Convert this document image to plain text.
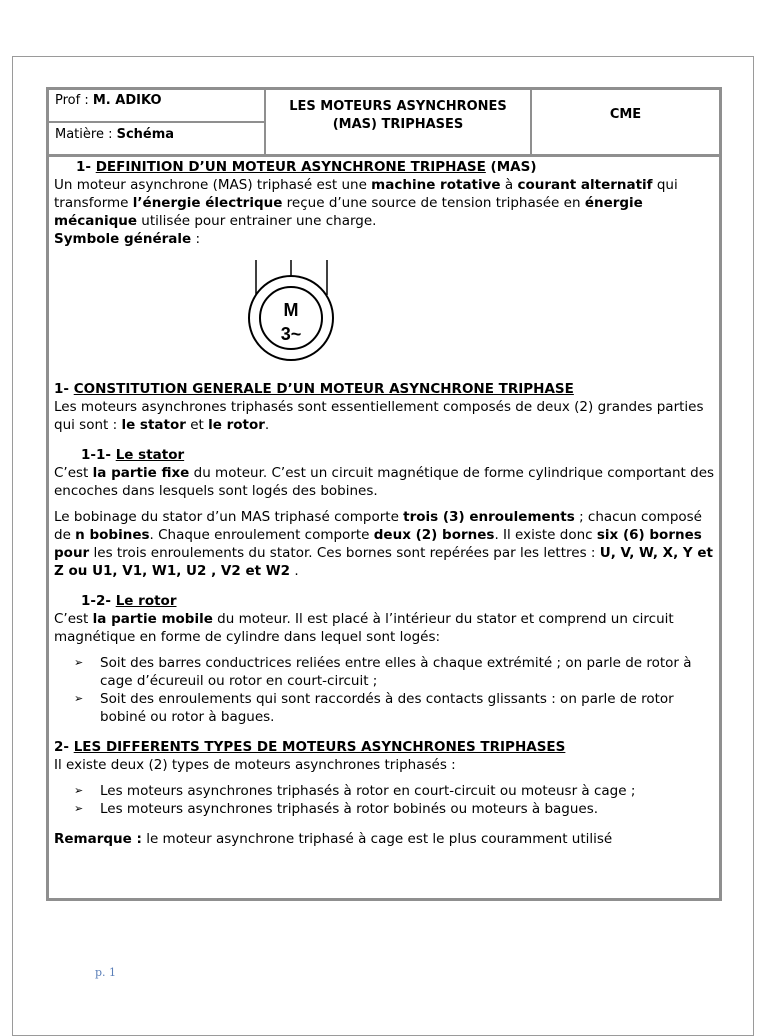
Prof : M. ADIKO
Matière : Schéma
LES MOTEURS ASYNCHRONES
(MAS) TRIPHASES
CME

1- DEFINITION D’UN MOTEUR ASYNCHRONE TRIPHASE (MAS)

Un moteur asynchrone (MAS) triphasé est une machine rotative à courant alternatif qui transforme l’énergie électrique reçue d’une source de tension triphasée en énergie mécanique utilisée pour entrainer une charge.

Symbole générale :

M
3~

1- CONSTITUTION GENERALE D’UN MOTEUR ASYNCHRONE TRIPHASE

Les moteurs asynchrones triphasés sont essentiellement composés de deux (2) grandes parties qui sont : le stator et le rotor.

1-1- Le stator

C’est la partie fixe du moteur. C’est un circuit magnétique de forme cylindrique comportant des encoches dans lesquels sont logés des bobines.

Le bobinage du stator d’un MAS triphasé comporte trois (3) enroulements ; chacun composé de n bobines. Chaque enroulement comporte deux (2) bornes. Il existe donc six (6) bornes pour les trois enroulements du stator. Ces bornes sont repérées par les lettres : U, V, W, X, Y et Z ou U1, V1, W1, U2 , V2 et W2 .

1-2- Le rotor

C’est la partie mobile du moteur. Il est placé à l’intérieur du stator et comprend un circuit magnétique en forme de cylindre dans lequel sont logés:

➢ Soit des barres conductrices reliées entre elles à chaque extrémité ; on parle de rotor à cage d’écureuil ou rotor en court-circuit ;
➢ Soit des enroulements qui sont raccordés à des contacts glissants : on parle de rotor bobiné ou rotor à bagues.

2- LES DIFFERENTS TYPES DE MOTEURS ASYNCHRONES TRIPHASES

Il existe deux (2) types de moteurs asynchrones triphasés :

➢ Les moteurs asynchrones triphasés à rotor en court-circuit ou moteusr à cage ;
➢ Les moteurs asynchrones triphasés à rotor bobinés ou moteurs à bagues.

Remarque : le moteur asynchrone triphasé à cage est le plus couramment utilisé

p. 1
